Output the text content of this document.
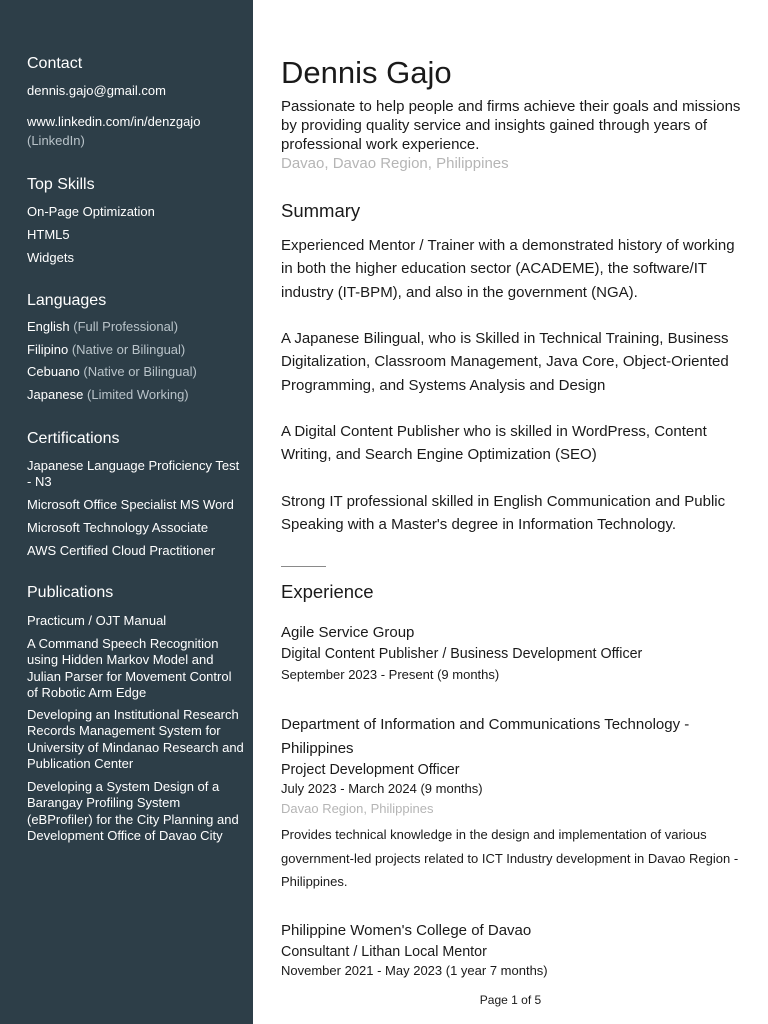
Contact
dennis.gajo@gmail.com
www.linkedin.com/in/denzgajo
(LinkedIn)
Top Skills
On-Page Optimization
HTML5
Widgets
Languages
English (Full Professional)
Filipino (Native or Bilingual)
Cebuano (Native or Bilingual)
Japanese (Limited Working)
Certifications
Japanese Language Proficiency Test - N3
Microsoft Office Specialist MS Word
Microsoft Technology Associate
AWS Certified Cloud Practitioner
Publications
Practicum / OJT Manual
A Command Speech Recognition using Hidden Markov Model and Julian Parser for Movement Control of Robotic Arm Edge
Developing an Institutional Research Records Management System for University of Mindanao Research and Publication Center
Developing a System Design of a Barangay Profiling System (eBProfiler) for the City Planning and Development Office of Davao City
Dennis Gajo
Passionate to help people and firms achieve their goals and missions by providing quality service and insights gained through years of professional work experience.
Davao, Davao Region, Philippines
Summary
Experienced Mentor / Trainer with a demonstrated history of working in both the higher education sector (ACADEME), the software/IT industry (IT-BPM), and also in the government (NGA).
A Japanese Bilingual, who is Skilled in Technical Training, Business Digitalization, Classroom Management, Java Core, Object-Oriented Programming, and Systems Analysis and Design
A Digital Content Publisher who is skilled in WordPress, Content Writing, and Search Engine Optimization (SEO)
Strong IT professional skilled in English Communication and Public Speaking with a Master's degree in Information Technology.
Experience
Agile Service Group
Digital Content Publisher / Business Development Officer
September 2023 - Present (9 months)
Department of Information and Communications Technology - Philippines
Project Development Officer
July 2023 - March 2024 (9 months)
Davao Region, Philippines
Provides technical knowledge in the design and implementation of various government-led projects related to ICT Industry development in Davao Region - Philippines.
Philippine Women's College of Davao
Consultant / Lithan Local Mentor
November 2021 - May 2023 (1 year 7 months)
Page 1 of 5
